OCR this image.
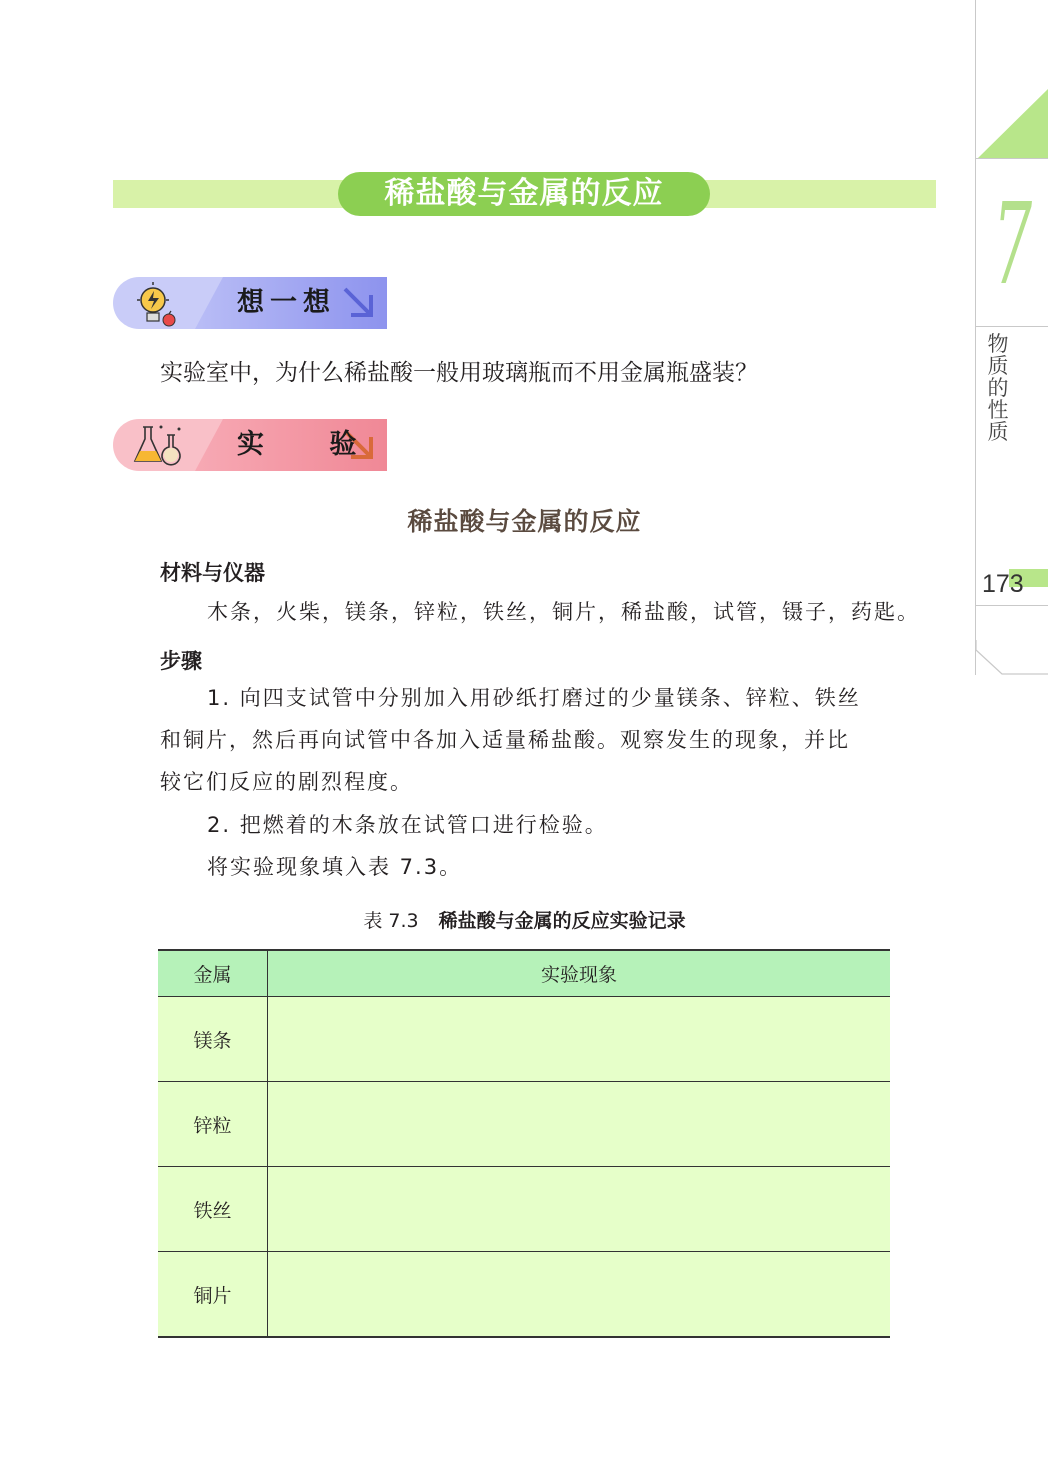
7
物质的性质
173
稀盐酸与金属的反应
想一想
实验室中，为什么稀盐酸一般用玻璃瓶而不用金属瓶盛装？
实 验
稀盐酸与金属的反应
材料与仪器
木条，火柴，镁条，锌粒，铁丝，铜片，稀盐酸，试管，镊子，药匙。
步骤
1. 向四支试管中分别加入用砂纸打磨过的少量镁条、锌粒、铁丝
和铜片，然后再向试管中各加入适量稀盐酸。观察发生的现象，并比
较它们反应的剧烈程度。
2. 把燃着的木条放在试管口进行检验。
将实验现象填入表 7.3。
表 7.3 稀盐酸与金属的反应实验记录
金属	实验现象
镁条	
锌粒	
铁丝	
铜片	
